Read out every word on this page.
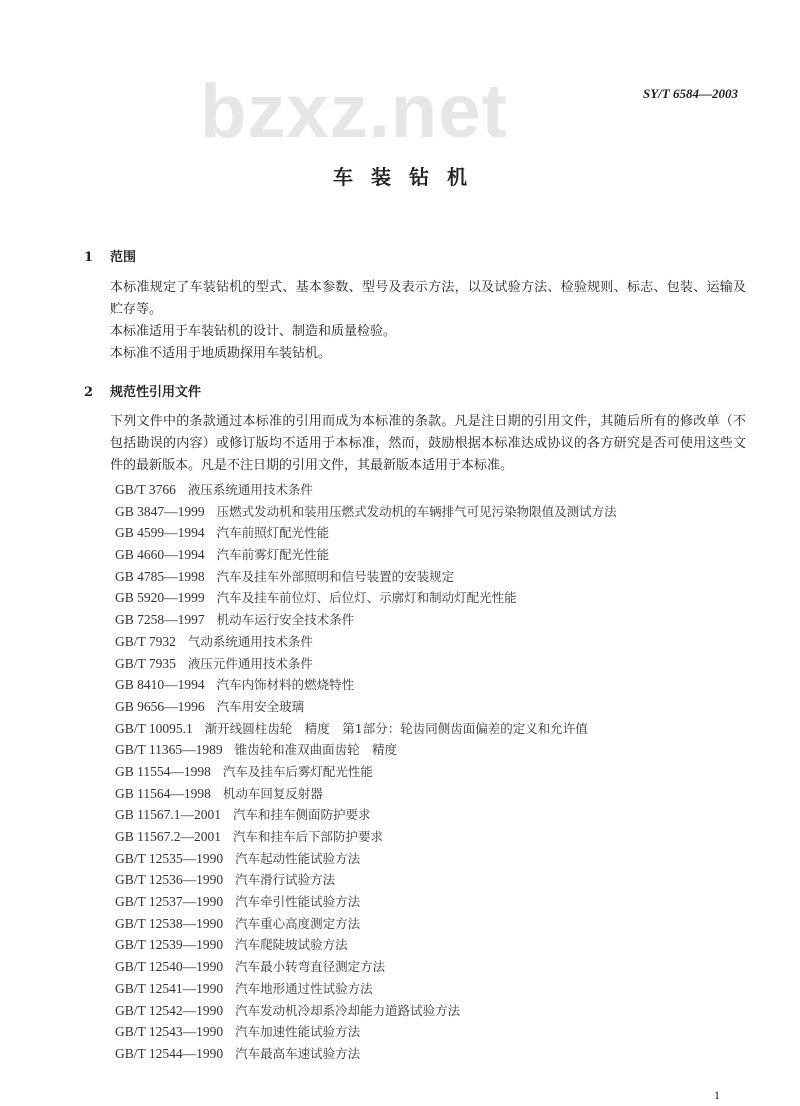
bzxz.net	SY/T 6584—2003
车装钻机
1 范围
本标准规定了车装钻机的型式、基本参数、型号及表示方法，以及试验方法、检验规则、标志、包装、运输及贮存等。
本标准适用于车装钻机的设计、制造和质量检验。
本标准不适用于地质勘探用车装钻机。
2 规范性引用文件
下列文件中的条款通过本标准的引用而成为本标准的条款。凡是注日期的引用文件，其随后所有的修改单（不包括勘误的内容）或修订版均不适用于本标准，然而，鼓励根据本标准达成协议的各方研究是否可使用这些文件的最新版本。凡是不注日期的引用文件，其最新版本适用于本标准。
GB/T 3766 液压系统通用技术条件
GB 3847—1999 压燃式发动机和装用压燃式发动机的车辆排气可见污染物限值及测试方法
GB 4599—1994 汽车前照灯配光性能
GB 4660—1994 汽车前雾灯配光性能
GB 4785—1998 汽车及挂车外部照明和信号装置的安装规定
GB 5920—1999 汽车及挂车前位灯、后位灯、示廓灯和制动灯配光性能
GB 7258—1997 机动车运行安全技术条件
GB/T 7932 气动系统通用技术条件
GB/T 7935 液压元件通用技术条件
GB 8410—1994 汽车内饰材料的燃烧特性
GB 9656—1996 汽车用安全玻璃
GB/T 10095.1 渐开线圆柱齿轮　精度　第1部分：轮齿同侧齿面偏差的定义和允许值
GB/T 11365—1989 锥齿轮和准双曲面齿轮　精度
GB 11554—1998 汽车及挂车后雾灯配光性能
GB 11564—1998 机动车回复反射器
GB 11567.1—2001 汽车和挂车侧面防护要求
GB 11567.2—2001 汽车和挂车后下部防护要求
GB/T 12535—1990 汽车起动性能试验方法
GB/T 12536—1990 汽车滑行试验方法
GB/T 12537—1990 汽车牵引性能试验方法
GB/T 12538—1990 汽车重心高度测定方法
GB/T 12539—1990 汽车爬陡坡试验方法
GB/T 12540—1990 汽车最小转弯直径测定方法
GB/T 12541—1990 汽车地形通过性试验方法
GB/T 12542—1990 汽车发动机冷却系冷却能力道路试验方法
GB/T 12543—1990 汽车加速性能试验方法
GB/T 12544—1990 汽车最高车速试验方法
1
